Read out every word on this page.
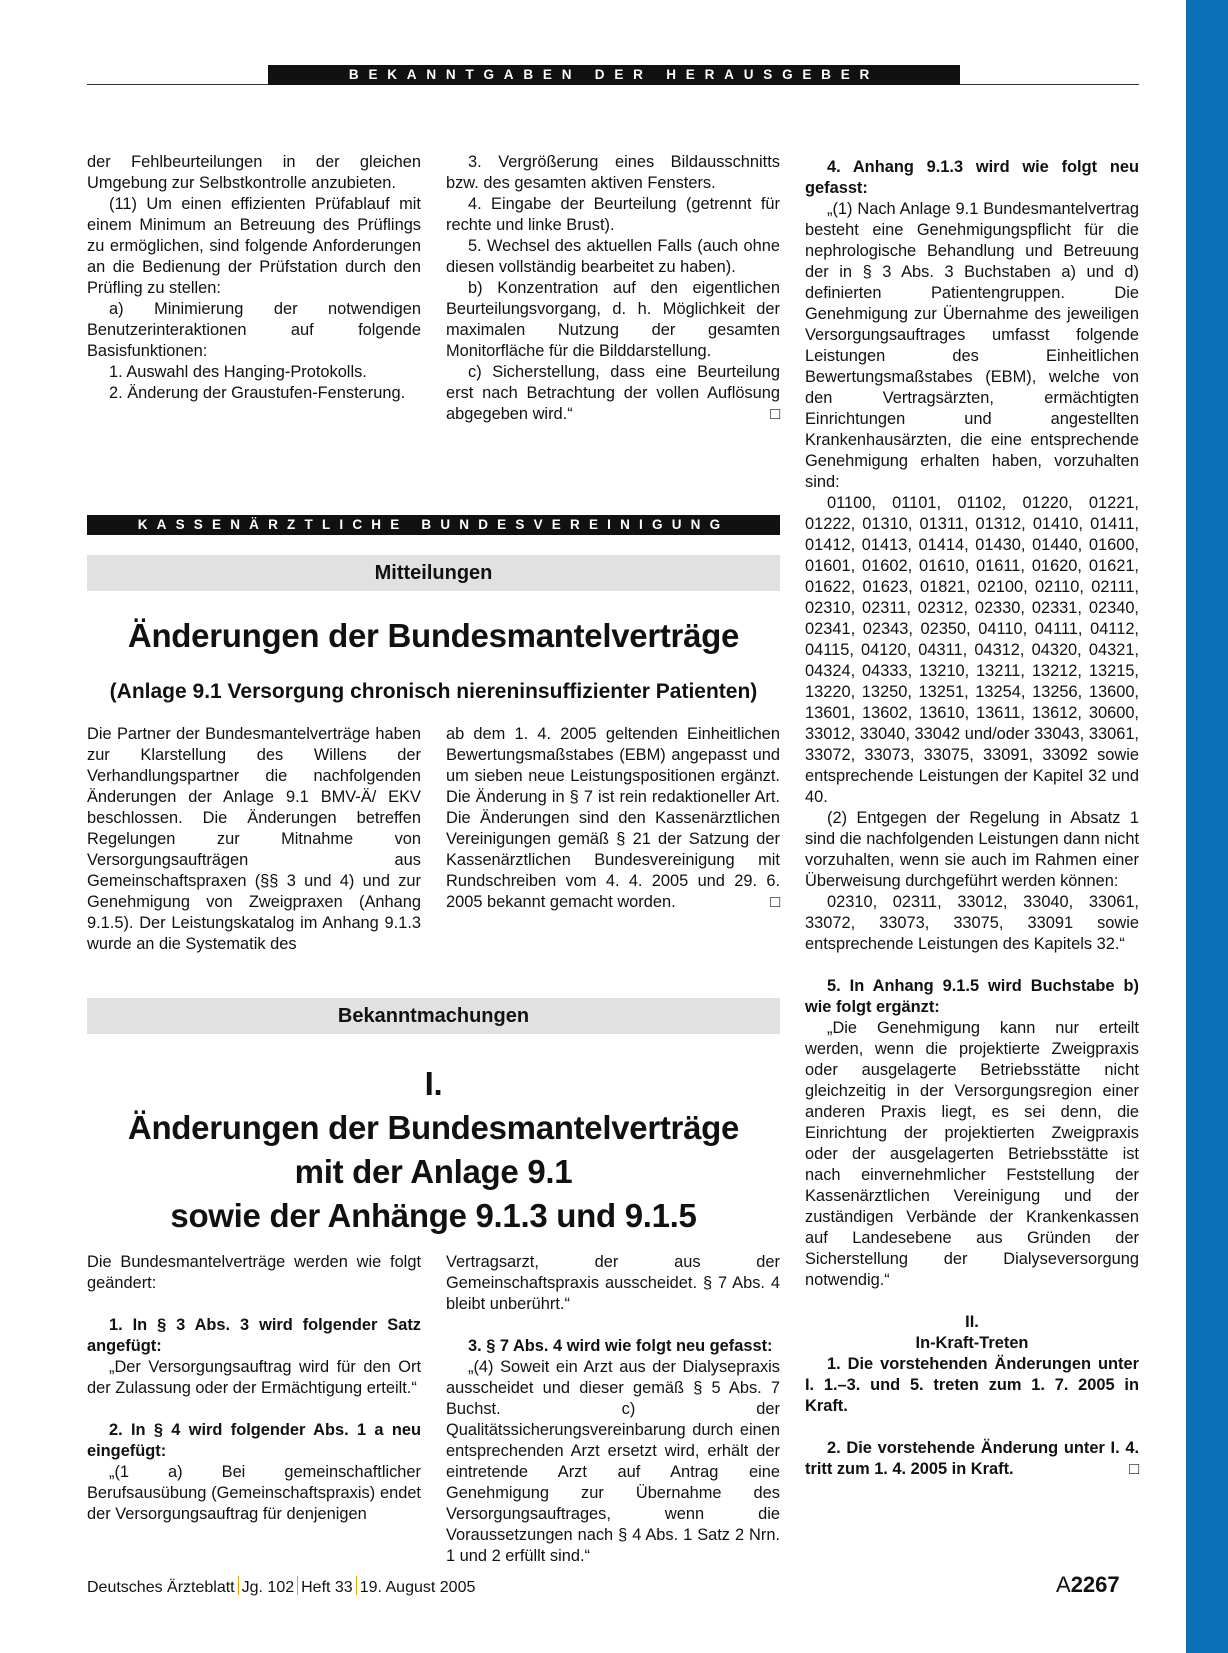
BEKANNTGABEN DER HERAUSGEBER

der Fehlbeurteilungen in der gleichen Umgebung zur Selbstkontrolle anzubieten.

(11) Um einen effizienten Prüfablauf mit einem Minimum an Betreuung des Prüflings zu ermöglichen, sind folgende Anforderungen an die Bedienung der Prüfstation durch den Prüfling zu stellen:

a) Minimierung der notwendigen Benutzerinteraktionen auf folgende Basisfunktionen:

1. Auswahl des Hanging-Protokolls.

2. Änderung der Graustufen-Fensterung.

3. Vergrößerung eines Bildausschnitts bzw. des gesamten aktiven Fensters.

4. Eingabe der Beurteilung (getrennt für rechte und linke Brust).

5. Wechsel des aktuellen Falls (auch ohne diesen vollständig bearbeitet zu haben).

b) Konzentration auf den eigentlichen Beurteilungsvorgang, d. h. Möglichkeit der maximalen Nutzung der gesamten Monitorfläche für die Bilddarstellung.

c) Sicherstellung, dass eine Beurteilung erst nach Betrachtung der vollen Auflösung abgegeben wird.“	□

KASSENÄRZTLICHE BUNDESVEREINIGUNG
Mitteilungen
Änderungen der Bundesmantelverträge
(Anlage 9.1 Versorgung chronisch niereninsuffizienter Patienten)

Die Partner der Bundesmantelverträge haben zur Klarstellung des Willens der Verhandlungspartner die nachfolgenden Änderungen der Anlage 9.1 BMV-Ä/ EKV beschlossen. Die Änderungen betreffen Regelungen zur Mitnahme von Versorgungsaufträgen aus Gemeinschaftspraxen (§§ 3 und 4) und zur Genehmigung von Zweigpraxen (Anhang 9.1.5). Der Leistungskatalog im Anhang 9.1.3 wurde an die Systematik des

ab dem 1. 4. 2005 geltenden Einheitlichen Bewertungsmaßstabes (EBM) angepasst und um sieben neue Leistungspositionen ergänzt. Die Änderung in § 7 ist rein redaktioneller Art. Die Änderungen sind den Kassenärztlichen Vereinigungen gemäß § 21 der Satzung der Kassenärztlichen Bundesvereinigung mit Rundschreiben vom 4. 4. 2005 und 29. 6. 2005 bekannt gemacht worden.	□

Bekanntmachungen
I.
Änderungen der Bundesmantelverträge
mit der Anlage 9.1
sowie der Anhänge 9.1.3 und 9.1.5

Die Bundesmantelverträge werden wie folgt geändert:

1. In § 3 Abs. 3 wird folgender Satz angefügt:

„Der Versorgungsauftrag wird für den Ort der Zulassung oder der Ermächtigung erteilt.“

2. In § 4 wird folgender Abs. 1 a neu eingefügt:

„(1 a) Bei gemeinschaftlicher Berufsausübung (Gemeinschaftspraxis) endet der Versorgungsauftrag für denjenigen

Vertragsarzt, der aus der Gemeinschaftspraxis ausscheidet. § 7 Abs. 4 bleibt unberührt.“

3. § 7 Abs. 4 wird wie folgt neu gefasst:

„(4) Soweit ein Arzt aus der Dialysepraxis ausscheidet und dieser gemäß § 5 Abs. 7 Buchst. c) der Qualitätssicherungsvereinbarung durch einen entsprechenden Arzt ersetzt wird, erhält der eintretende Arzt auf Antrag eine Genehmigung zur Übernahme des Versorgungsauftrages, wenn die Voraussetzungen nach § 4 Abs. 1 Satz 2 Nrn. 1 und 2 erfüllt sind.“

4. Anhang 9.1.3 wird wie folgt neu gefasst:

„(1) Nach Anlage 9.1 Bundesmantelvertrag besteht eine Genehmigungspflicht für die nephrologische Behandlung und Betreuung der in § 3 Abs. 3 Buchstaben a) und d) definierten Patientengruppen. Die Genehmigung zur Übernahme des jeweiligen Versorgungsauftrages umfasst folgende Leistungen des Einheitlichen Bewertungsmaßstabes (EBM), welche von den Vertragsärzten, ermächtigten Einrichtungen und angestellten Krankenhausärzten, die eine entsprechende Genehmigung erhalten haben, vorzuhalten sind:

01100, 01101, 01102, 01220, 01221, 01222, 01310, 01311, 01312, 01410, 01411, 01412, 01413, 01414, 01430, 01440, 01600, 01601, 01602, 01610, 01611, 01620, 01621, 01622, 01623, 01821, 02100, 02110, 02111, 02310, 02311, 02312, 02330, 02331, 02340, 02341, 02343, 02350, 04110, 04111, 04112, 04115, 04120, 04311, 04312, 04320, 04321, 04324, 04333, 13210, 13211, 13212, 13215, 13220, 13250, 13251, 13254, 13256, 13600, 13601, 13602, 13610, 13611, 13612, 30600, 33012, 33040, 33042 und/oder 33043, 33061, 33072, 33073, 33075, 33091, 33092 sowie entsprechende Leistungen der Kapitel 32 und 40.

(2) Entgegen der Regelung in Absatz 1 sind die nachfolgenden Leistungen dann nicht vorzuhalten, wenn sie auch im Rahmen einer Überweisung durchgeführt werden können:

02310, 02311, 33012, 33040, 33061, 33072, 33073, 33075, 33091 sowie entsprechende Leistungen des Kapitels 32.“

5. In Anhang 9.1.5 wird Buchstabe b) wie folgt ergänzt:

„Die Genehmigung kann nur erteilt werden, wenn die projektierte Zweigpraxis oder ausgelagerte Betriebsstätte nicht gleichzeitig in der Versorgungsregion einer anderen Praxis liegt, es sei denn, die Einrichtung der projektierten Zweigpraxis oder der ausgelagerten Betriebsstätte ist nach einvernehmlicher Feststellung der Kassenärztlichen Vereinigung und der zuständigen Verbände der Krankenkassen auf Landesebene aus Gründen der Sicherstellung der Dialyseversorgung notwendig.“

II.

In-Kraft-Treten

1. Die vorstehenden Änderungen unter I. 1.–3. und 5. treten zum 1. 7. 2005 in Kraft.

2. Die vorstehende Änderung unter I. 4. tritt zum 1. 4. 2005 in Kraft.	□

Deutsches Ärzteblatt Jg. 102 Heft 33 19. August 2005	A2267
